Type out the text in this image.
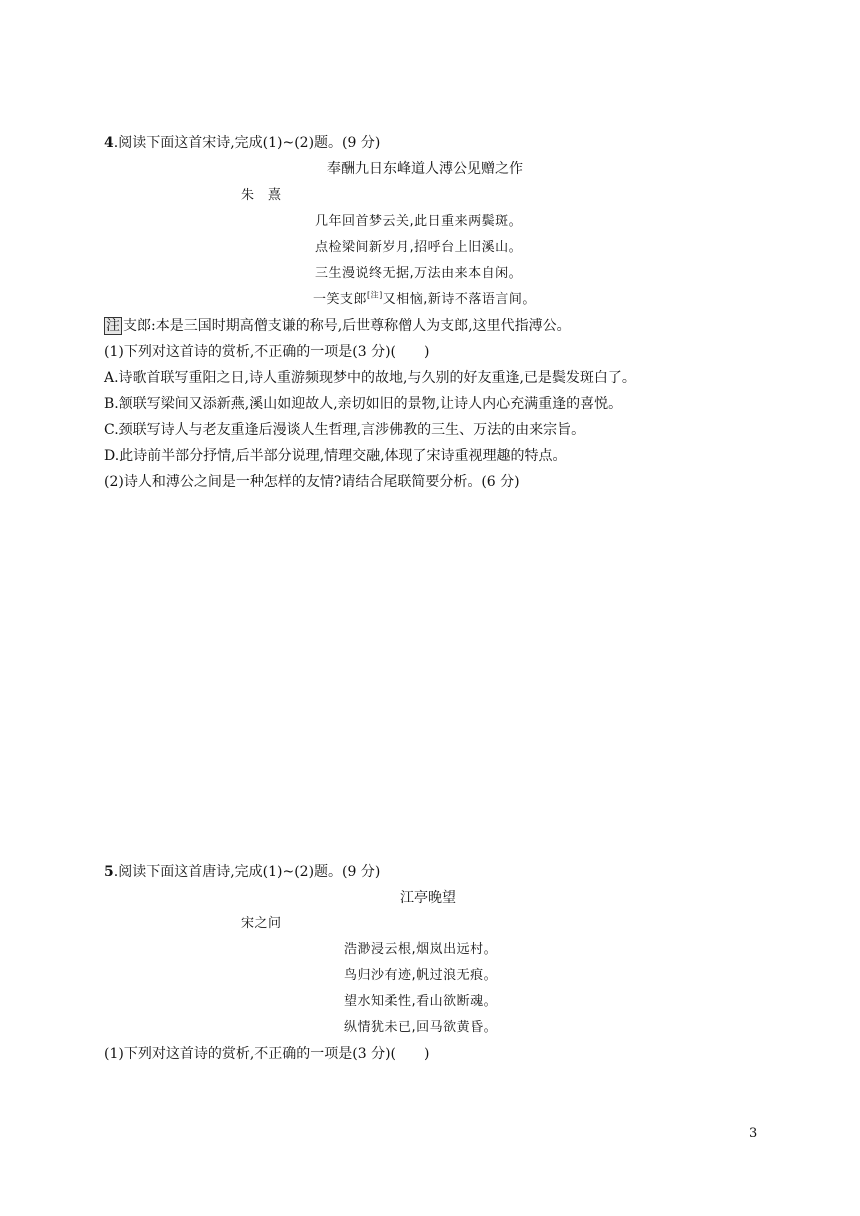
4.阅读下面这首宋诗,完成(1)~(2)题。(9 分)
奉酬九日东峰道人溥公见赠之作
朱　熹
几年回首梦云关,此日重来两鬓斑。
点检梁间新岁月,招呼台上旧溪山。
三生漫说终无据,万法由来本自闲。
一笑支郎[注]又相恼,新诗不落语言间。
注 支郎:本是三国时期高僧支谦的称号,后世尊称僧人为支郎,这里代指溥公。
(1)下列对这首诗的赏析,不正确的一项是(3 分)(　　)
A.诗歌首联写重阳之日,诗人重游频现梦中的故地,与久别的好友重逢,已是鬓发斑白了。
B.颔联写梁间又添新燕,溪山如迎故人,亲切如旧的景物,让诗人内心充满重逢的喜悦。
C.颈联写诗人与老友重逢后漫谈人生哲理,言涉佛教的三生、万法的由来宗旨。
D.此诗前半部分抒情,后半部分说理,情理交融,体现了宋诗重视理趣的特点。
(2)诗人和溥公之间是一种怎样的友情?请结合尾联简要分析。(6 分)
5.阅读下面这首唐诗,完成(1)~(2)题。(9 分)
江亭晚望
宋之问
浩渺浸云根,烟岚出远村。
鸟归沙有迹,帆过浪无痕。
望水知柔性,看山欲断魂。
纵情犹未已,回马欲黄昏。
(1)下列对这首诗的赏析,不正确的一项是(3 分)(　　)
3
